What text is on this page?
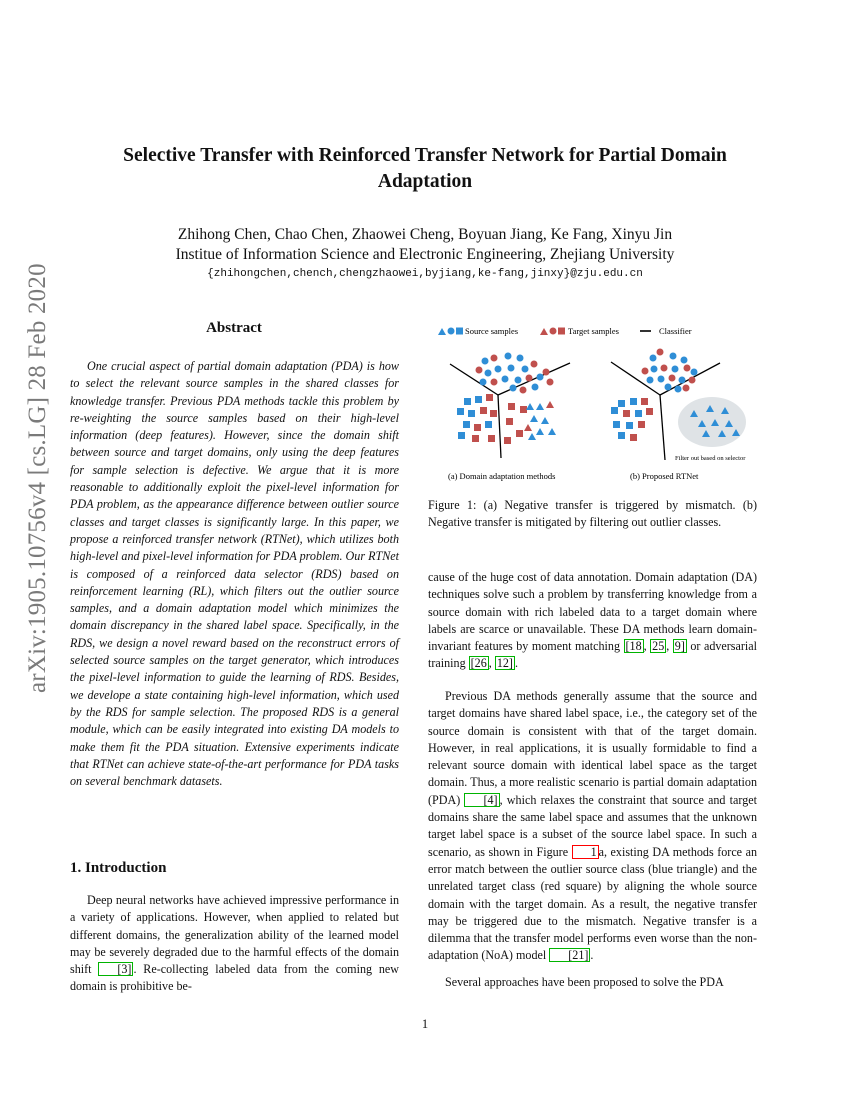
arXiv:1905.10756v4 [cs.LG] 28 Feb 2020
Selective Transfer with Reinforced Transfer Network for Partial Domain
Adaptation
Zhihong Chen, Chao Chen, Zhaowei Cheng, Boyuan Jiang, Ke Fang, Xinyu Jin
Institue of Information Science and Electronic Engineering, Zhejiang University
{zhihongchen,chench,chengzhaowei,byjiang,ke-fang,jinxy}@zju.edu.cn
Abstract
One crucial aspect of partial domain adaptation (PDA) is how to select the relevant source samples in the shared classes for knowledge transfer. Previous PDA methods tackle this problem by re-weighting the source samples based on their high-level information (deep features). However, since the domain shift between source and target domains, only using the deep features for sample selection is defective. We argue that it is more reasonable to additionally exploit the pixel-level information for PDA problem, as the appearance difference between outlier source classes and target classes is significantly large. In this paper, we propose a reinforced transfer network (RTNet), which utilizes both high-level and pixel-level information for PDA problem. Our RTNet is composed of a reinforced data selector (RDS) based on reinforcement learning (RL), which filters out the outlier source samples, and a domain adaptation model which minimizes the domain discrepancy in the shared label space. Specifically, in the RDS, we design a novel reward based on the reconstruct errors of selected source samples on the target generator, which introduces the pixel-level information to guide the learning of RDS. Besides, we develope a state containing high-level information, which used by the RDS for sample selection. The proposed RDS is a general module, which can be easily integrated into existing DA models to make them fit the PDA situation. Extensive experiments indicate that RTNet can achieve state-of-the-art performance for PDA tasks on several benchmark datasets.
1. Introduction
Deep neural networks have achieved impressive performance in a variety of applications. However, when applied to related but different domains, the generalization ability of the learned model may be severely degraded due to the harmful effects of the domain shift [3] . Re-collecting labeled data from the coming new domain is prohibitive be-
Source samples	Target samples	Classifier
Filter out based on selector
(a) Domain adaptation methods	(b) Proposed RTNet
Figure 1: (a) Negative transfer is triggered by mismatch. (b) Negative transfer is mitigated by filtering out outlier classes.
cause of the huge cost of data annotation. Domain adaptation (DA) techniques solve such a problem by transferring knowledge from a source domain with rich labeled data to a target domain where labels are scarce or unavailable. These DA methods learn domain-invariant features by moment matching [18 , 25 , 9] or adversarial training [26 , 12] .
Previous DA methods generally assume that the source and target domains have shared label space, i.e., the category set of the source domain is consistent with that of the target domain. However, in real applications, it is usually formidable to find a relevant source domain with identical label space as the target domain. Thus, a more realistic scenario is partial domain adaptation (PDA) [4] , which relaxes the constraint that source and target domains share the same label space and assumes that the unknown target label space is a subset of the source label space. In such a scenario, as shown in Figure 1 a, existing DA methods force an error match between the outlier source class (blue triangle) and the unrelated target class (red square) by aligning the whole source domain with the target domain. As a result, the negative transfer may be triggered due to the mismatch. Negative transfer is a dilemma that the transfer model performs even worse than the non-adaptation (NoA) model [21] .
Several approaches have been proposed to solve the PDA
1
